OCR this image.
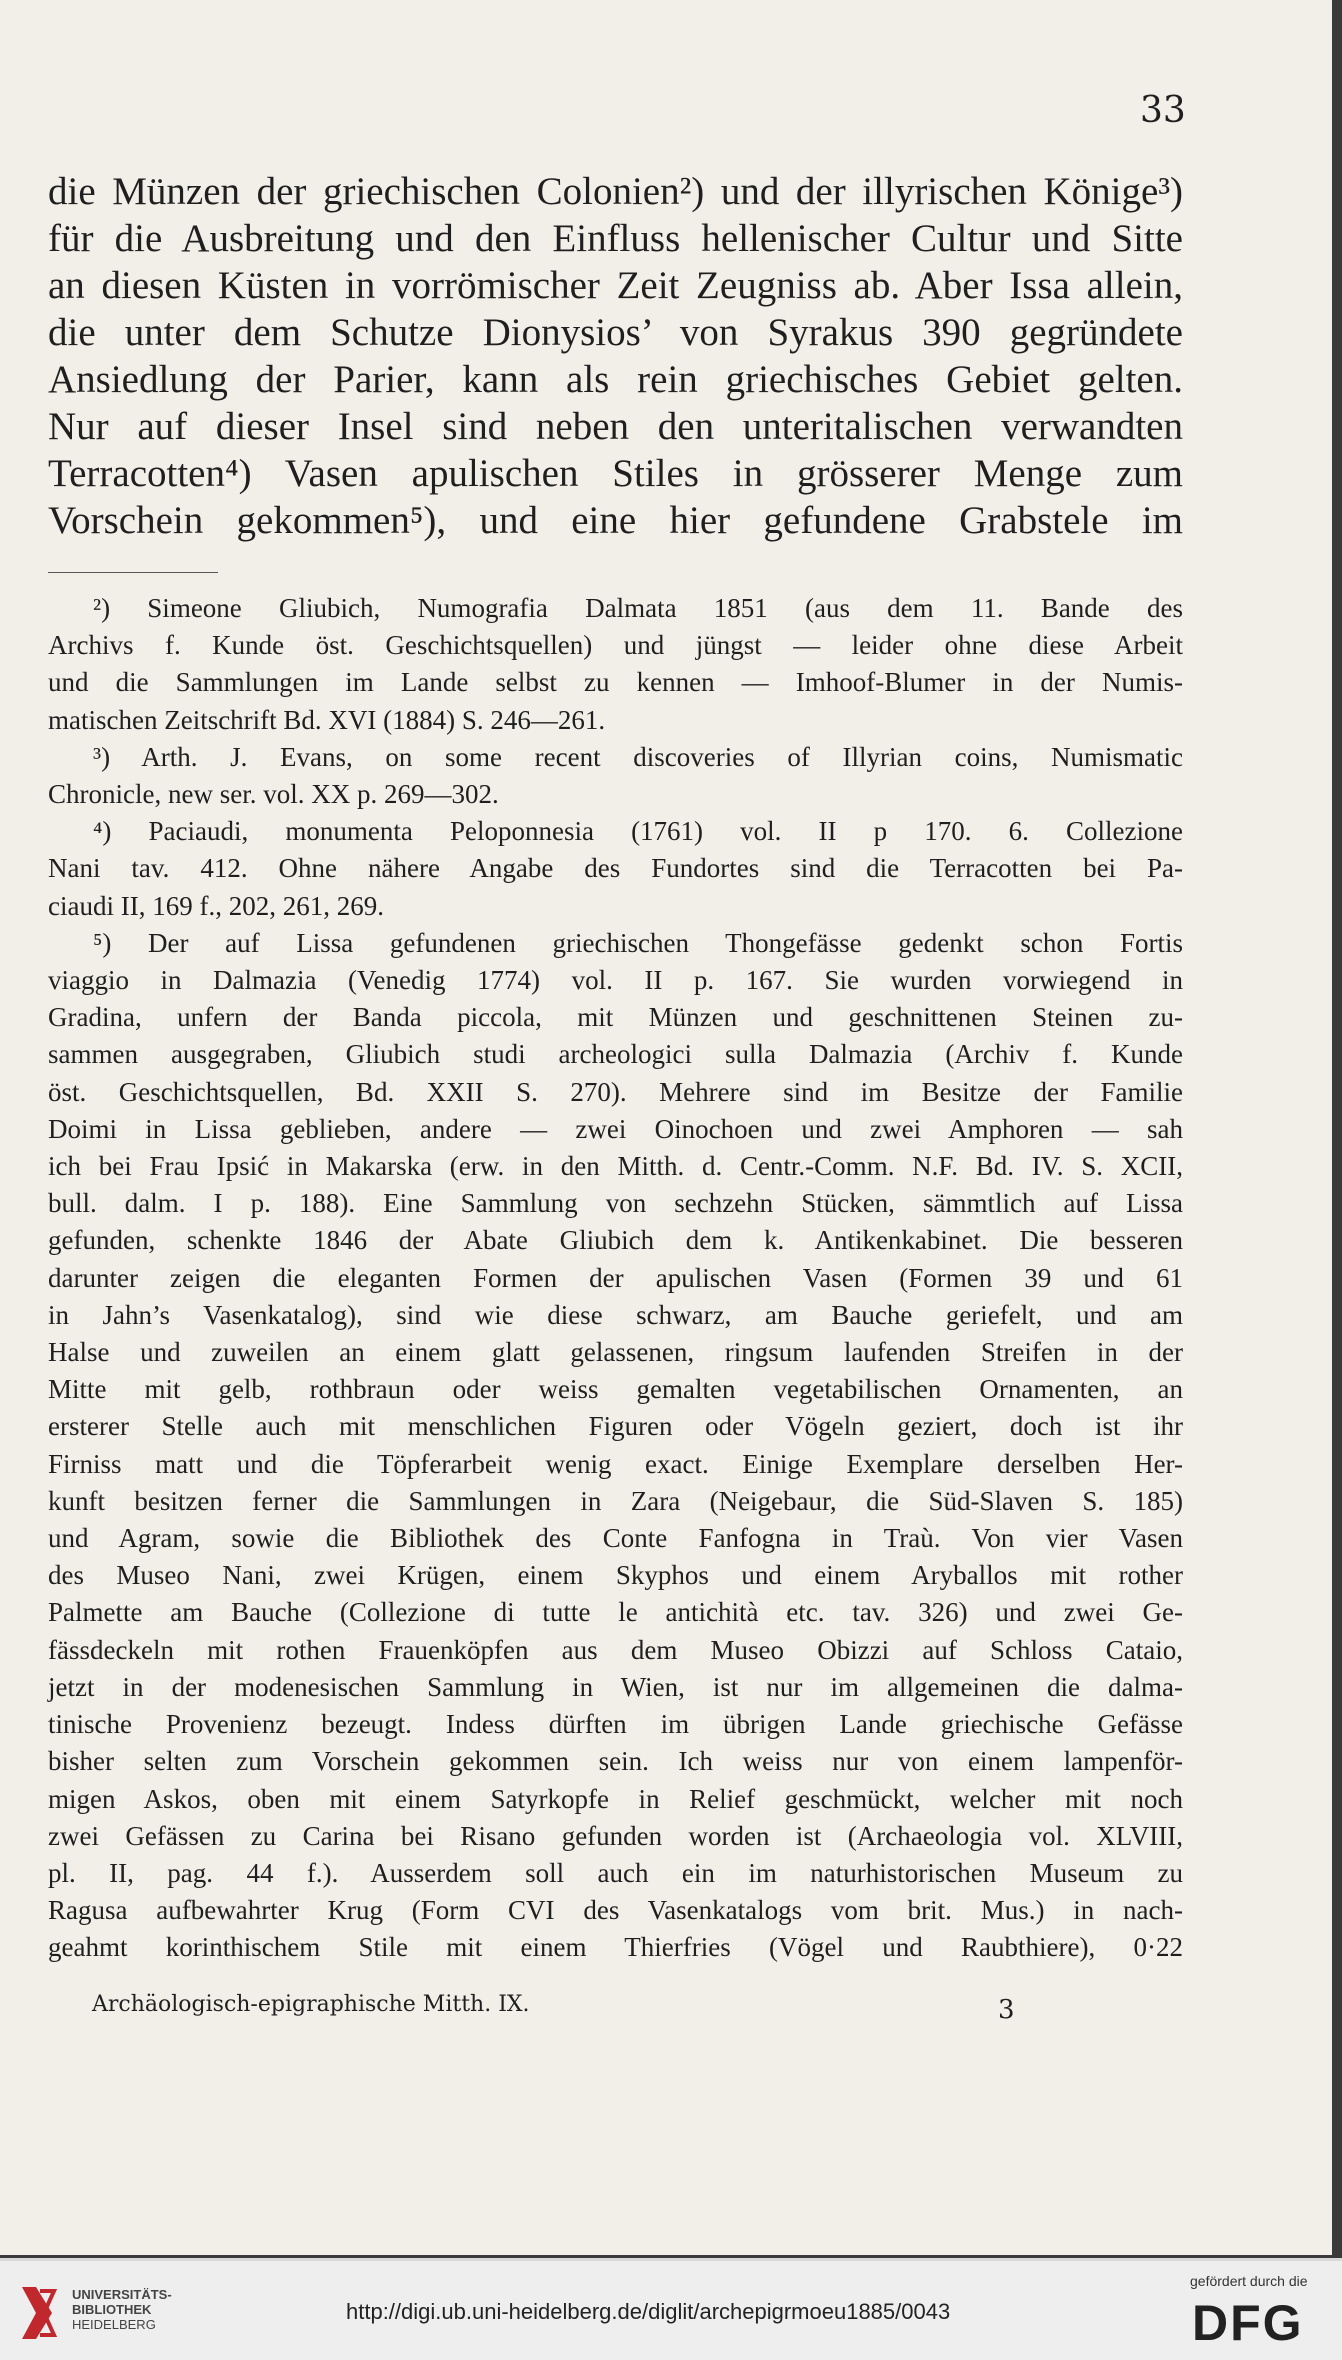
33
die Münzen der griechischen Colonien²) und der illyrischen Könige³)
für die Ausbreitung und den Einfluss hellenischer Cultur und Sitte
an diesen Küsten in vorrömischer Zeit Zeugniss ab. Aber Issa allein,
die unter dem Schutze Dionysios’ von Syrakus 390 gegründete
Ansiedlung der Parier, kann als rein griechisches Gebiet gelten.
Nur auf dieser Insel sind neben den unteritalischen verwandten
Terracotten⁴) Vasen apulischen Stiles in grösserer Menge zum
Vorschein gekommen⁵), und eine hier gefundene Grabstele im
²) Simeone Gliubich, Numografia Dalmata 1851 (aus dem 11. Bande des
Archivs f. Kunde öst. Geschichtsquellen) und jüngst — leider ohne diese Arbeit
und die Sammlungen im Lande selbst zu kennen — Imhoof-Blumer in der Numis-
matischen Zeitschrift Bd. XVI (1884) S. 246—261.
³) Arth. J. Evans, on some recent discoveries of Illyrian coins, Numismatic
Chronicle, new ser. vol. XX p. 269—302.
⁴) Paciaudi, monumenta Peloponnesia (1761) vol. II p 170. 6. Collezione
Nani tav. 412. Ohne nähere Angabe des Fundortes sind die Terracotten bei Pa-
ciaudi II, 169 f., 202, 261, 269.
⁵) Der auf Lissa gefundenen griechischen Thongefässe gedenkt schon Fortis
viaggio in Dalmazia (Venedig 1774) vol. II p. 167. Sie wurden vorwiegend in
Gradina, unfern der Banda piccola, mit Münzen und geschnittenen Steinen zu-
sammen ausgegraben, Gliubich studi archeologici sulla Dalmazia (Archiv f. Kunde
öst. Geschichtsquellen, Bd. XXII S. 270). Mehrere sind im Besitze der Familie
Doimi in Lissa geblieben, andere — zwei Oinochoen und zwei Amphoren — sah
ich bei Frau Ipsić in Makarska (erw. in den Mitth. d. Centr.-Comm. N.F. Bd. IV. S. XCII,
bull. dalm. I p. 188). Eine Sammlung von sechzehn Stücken, sämmtlich auf Lissa
gefunden, schenkte 1846 der Abate Gliubich dem k. Antikenkabinet. Die besseren
darunter zeigen die eleganten Formen der apulischen Vasen (Formen 39 und 61
in Jahn’s Vasenkatalog), sind wie diese schwarz, am Bauche geriefelt, und am
Halse und zuweilen an einem glatt gelassenen, ringsum laufenden Streifen in der
Mitte mit gelb, rothbraun oder weiss gemalten vegetabilischen Ornamenten, an
ersterer Stelle auch mit menschlichen Figuren oder Vögeln geziert, doch ist ihr
Firniss matt und die Töpferarbeit wenig exact. Einige Exemplare derselben Her-
kunft besitzen ferner die Sammlungen in Zara (Neigebaur, die Süd-Slaven S. 185)
und Agram, sowie die Bibliothek des Conte Fanfogna in Traù. Von vier Vasen
des Museo Nani, zwei Krügen, einem Skyphos und einem Aryballos mit rother
Palmette am Bauche (Collezione di tutte le antichità etc. tav. 326) und zwei Ge-
fässdeckeln mit rothen Frauenköpfen aus dem Museo Obizzi auf Schloss Cataio,
jetzt in der modenesischen Sammlung in Wien, ist nur im allgemeinen die dalma-
tinische Provenienz bezeugt. Indess dürften im übrigen Lande griechische Gefässe
bisher selten zum Vorschein gekommen sein. Ich weiss nur von einem lampenför-
migen Askos, oben mit einem Satyrkopfe in Relief geschmückt, welcher mit noch
zwei Gefässen zu Carina bei Risano gefunden worden ist (Archaeologia vol. XLVIII,
pl. II, pag. 44 f.). Ausserdem soll auch ein im naturhistorischen Museum zu
Ragusa aufbewahrter Krug (Form CVI des Vasenkatalogs vom brit. Mus.) in nach-
geahmt korinthischem Stile mit einem Thierfries (Vögel und Raubthiere), 0·22
Archäologisch-epigraphische Mitth. IX.	3
UNIVERSITÄTS-
BIBLIOTHEK
HEIDELBERG
http://digi.ub.uni-heidelberg.de/diglit/archepigrmoeu1885/0043
gefördert durch die
DFG
